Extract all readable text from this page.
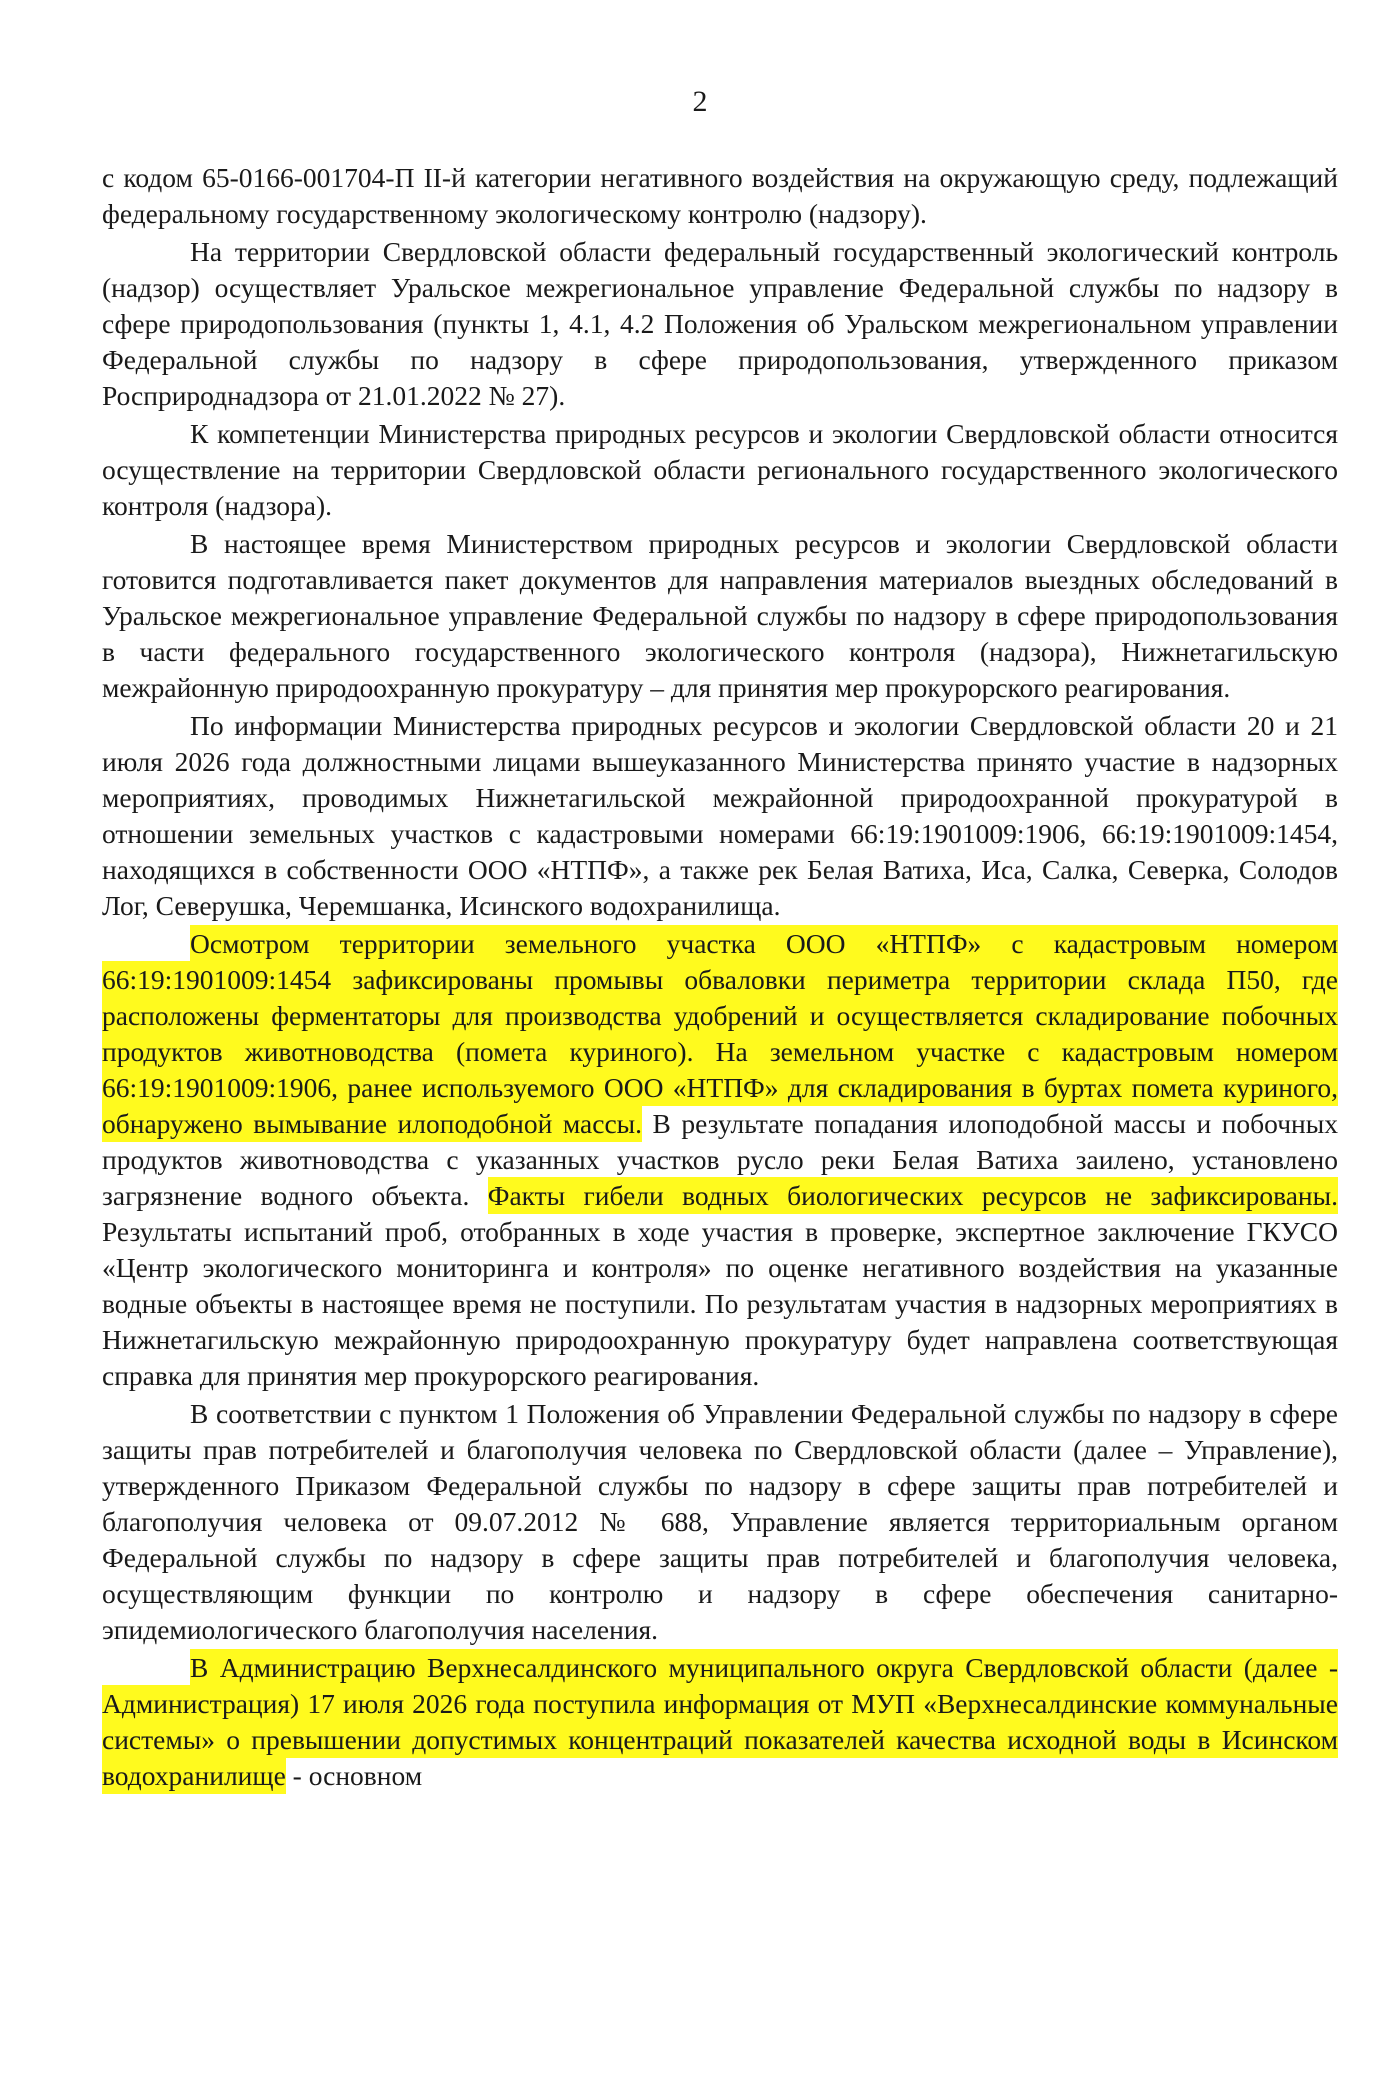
2

с кодом 65-0166-001704-П II-й категории негативного воздействия на окружающую среду, подлежащий федеральному государственному экологическому контролю (надзору).

На территории Свердловской области федеральный государственный экологический контроль (надзор) осуществляет Уральское межрегиональное управление Федеральной службы по надзору в сфере природопользования (пункты 1, 4.1, 4.2 Положения об Уральском межрегиональном управлении Федеральной службы по надзору в сфере природопользования, утвержденного приказом Росприроднадзора от 21.01.2022 № 27).

К компетенции Министерства природных ресурсов и экологии Свердловской области относится осуществление на территории Свердловской области регионального государственного экологического контроля (надзора).

В настоящее время Министерством природных ресурсов и экологии Свердловской области готовится подготавливается пакет документов для направления материалов выездных обследований в Уральское межрегиональное управление Федеральной службы по надзору в сфере природопользования в части федерального государственного экологического контроля (надзора), Нижнетагильскую межрайонную природоохранную прокуратуру – для принятия мер прокурорского реагирования.

По информации Министерства природных ресурсов и экологии Свердловской области 20 и 21 июля 2026 года должностными лицами вышеуказанного Министерства принято участие в надзорных мероприятиях, проводимых Нижнетагильской межрайонной природоохранной прокуратурой в отношении земельных участков с кадастровыми номерами 66:19:1901009:1906, 66:19:1901009:1454, находящихся в собственности ООО «НТПФ», а также рек Белая Ватиха, Иса, Салка, Северка, Солодов Лог, Северушка, Черемшанка, Исинского водохранилища.

Осмотром территории земельного участка ООО «НТПФ» с кадастровым номером 66:19:1901009:1454 зафиксированы промывы обваловки периметра территории склада П50, где расположены ферментаторы для производства удобрений и осуществляется складирование побочных продуктов животноводства (помета куриного). На земельном участке с кадастровым номером 66:19:1901009:1906, ранее используемого ООО «НТПФ» для складирования в буртах помета куриного, обнаружено вымывание илоподобной массы. В результате попадания илоподобной массы и побочных продуктов животноводства с указанных участков русло реки Белая Ватиха заилено, установлено загрязнение водного объекта. Факты гибели водных биологических ресурсов не зафиксированы. Результаты испытаний проб, отобранных в ходе участия в проверке, экспертное заключение ГКУСО «Центр экологического мониторинга и контроля» по оценке негативного воздействия на указанные водные объекты в настоящее время не поступили. По результатам участия в надзорных мероприятиях в Нижнетагильскую межрайонную природоохранную прокуратуру будет направлена соответствующая справка для принятия мер прокурорского реагирования.

В соответствии с пунктом 1 Положения об Управлении Федеральной службы по надзору в сфере защиты прав потребителей и благополучия человека по Свердловской области (далее – Управление), утвержденного Приказом Федеральной службы по надзору в сфере защиты прав потребителей и благополучия человека от 09.07.2012 № 688, Управление является территориальным органом Федеральной службы по надзору в сфере защиты прав потребителей и благополучия человека, осуществляющим функции по контролю и надзору в сфере обеспечения санитарно-эпидемиологического благополучия населения.

В Администрацию Верхнесалдинского муниципального округа Свердловской области (далее - Администрация) 17 июля 2026 года поступила информация от МУП «Верхнесалдинские коммунальные системы» о превышении допустимых концентраций показателей качества исходной воды в Исинском водохранилище - основном
